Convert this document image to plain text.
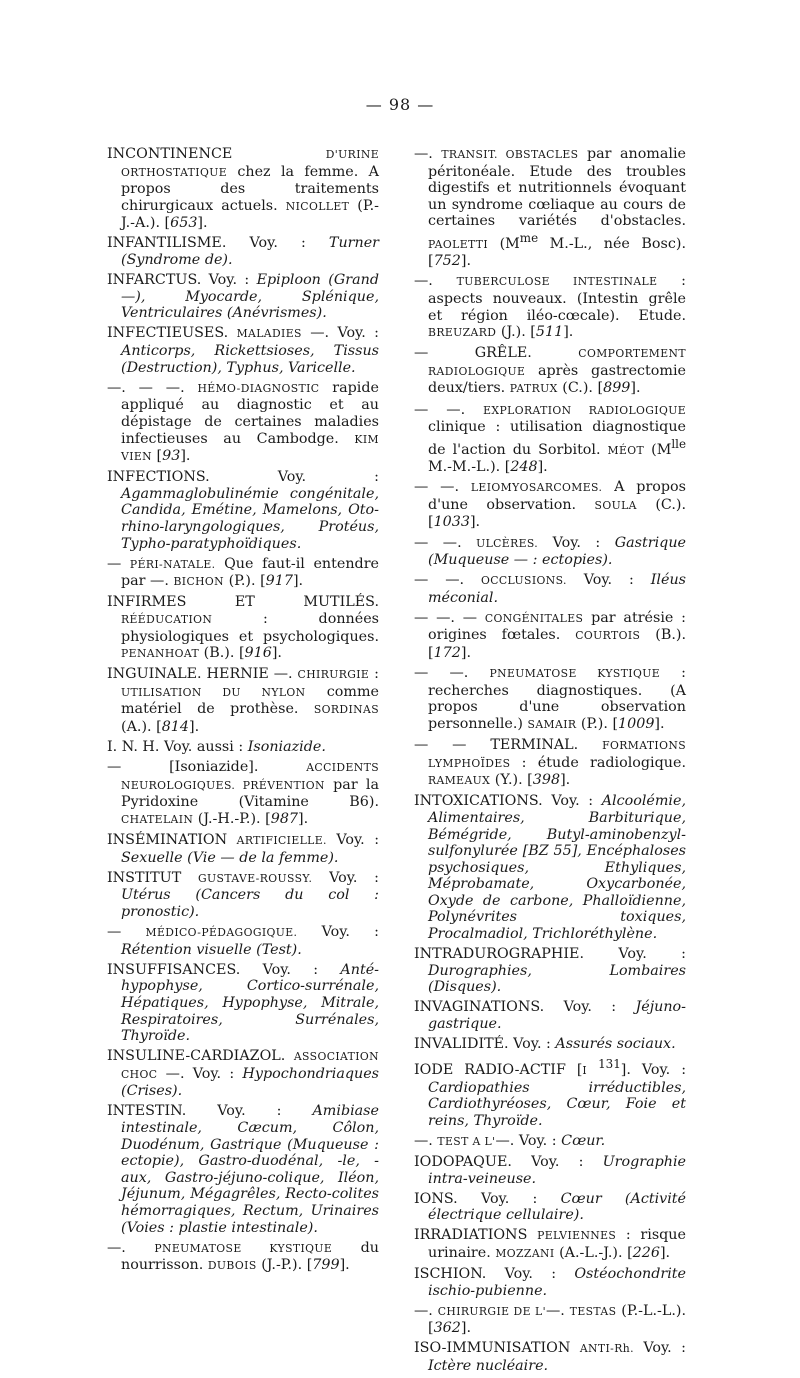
— 98 —

INCONTINENCE D'URINE ORTHOSTATIQUE chez la femme. A propos des traitements chirurgicaux actuels. NICOLLET (P.-J.-A.). [653].

INFANTILISME. Voy. : Turner (Syndrome de).

INFARCTUS. Voy. : Epiploon (Grand —), Myocarde, Splénique, Ventriculaires (Anévrismes).

INFECTIEUSES. MALADIES —. Voy. : Anticorps, Rickettsioses, Tissus (Destruction), Typhus, Varicelle.

—. — —. HÉMO-DIAGNOSTIC rapide appliqué au diagnostic et au dépistage de certaines maladies infectieuses au Cambodge. KIM VIEN [93].

INFECTIONS. Voy. : Agammaglobulinémie congénitale, Candida, Emétine, Mamelons, Oto-rhino-laryngologiques, Protéus, Typho-paratyphoïdiques.

— PÉRI-NATALE. Que faut-il entendre par —. BICHON (P.). [917].

INFIRMES ET MUTILÉS. RÉÉDUCATION : données physiologiques et psychologiques. PENANHOAT (B.). [916].

INGUINALE. HERNIE —. CHIRURGIE : UTILISATION DU NYLON comme matériel de prothèse. SORDINAS (A.). [814].

I. N. H. Voy. aussi : Isoniazide.

— [Isoniazide]. ACCIDENTS NEUROLOGIQUES. PRÉVENTION par la Pyridoxine (Vitamine B6). CHATELAIN (J.-H.-P.). [987].

INSÉMINATION ARTIFICIELLE. Voy. : Sexuelle (Vie — de la femme).

INSTITUT GUSTAVE-ROUSSY. Voy. : Utérus (Cancers du col : pronostic).

— MÉDICO-PÉDAGOGIQUE. Voy. : Rétention visuelle (Test).

INSUFFISANCES. Voy. : Anté-hypophyse, Cortico-surrénale, Hépatiques, Hypophyse, Mitrale, Respiratoires, Surrénales, Thyroïde.

INSULINE-CARDIAZOL. ASSOCIATION CHOC —. Voy. : Hypochondriaques (Crises).

INTESTIN. Voy. : Amibiase intestinale, Cæcum, Côlon, Duodénum, Gastrique (Muqueuse : ectopie), Gastro-duodénal, -le, -aux, Gastro-jéjuno-colique, Iléon, Jéjunum, Mégagrêles, Recto-colites hémorragiques, Rectum, Urinaires (Voies : plastie intestinale).

—. PNEUMATOSE KYSTIQUE du nourrisson. DUBOIS (J.-P.). [799].

—. TRANSIT. OBSTACLES par anomalie péritonéale. Etude des troubles digestifs et nutritionnels évoquant un syndrome cœliaque au cours de certaines variétés d'obstacles. PAOLETTI ($M^{me}$ M.-L., née Bosc). [752].

—. TUBERCULOSE INTESTINALE : aspects nouveaux. (Intestin grêle et région iléo-cœcale). Etude. BREUZARD (J.). [511].

— GRÊLE. COMPORTEMENT RADIOLOGIQUE après gastrectomie deux/tiers. PATRUX (C.). [899].

— —. EXPLORATION RADIOLOGIQUE clinique : utilisation diagnostique de l'action du Sorbitol. MÉOT ($M^{lle}$ M.-M.-L.). [248].

— —. LEIOMYOSARCOMES. A propos d'une observation. SOULA (C.). [1033].

— —. ULCÈRES. Voy. : Gastrique (Muqueuse — : ectopies).

— —. OCCLUSIONS. Voy. : Iléus méconial.

— —. — CONGÉNITALES par atrésie : origines fœtales. COURTOIS (B.). [172].

— —. PNEUMATOSE KYSTIQUE : recherches diagnostiques. (A propos d'une observation personnelle.) SAMAIR (P.). [1009].

— — TERMINAL. FORMATIONS LYMPHOÏDES : étude radiologique. RAMEAUX (Y.). [398].

INTOXICATIONS. Voy. : Alcoolémie, Alimentaires, Barbiturique, Bémégride, Butyl-aminobenzyl-sulfonylurée [BZ 55], Encéphaloses psychosiques, Ethyliques, Méprobamate, Oxycarbonée, Oxyde de carbone, Phalloïdienne, Polynévrites toxiques, Procalmadiol, Trichloréthylène.

INTRADUROGRAPHIE. Voy. : Durographies, Lombaires (Disques).

INVAGINATIONS. Voy. : Jéjuno-gastrique.

INVALIDITÉ. Voy. : Assurés sociaux.

IODE RADIO-ACTIF [I $^{131}$]. Voy. : Cardiopathies irréductibles, Cardiothyréoses, Cœur, Foie et reins, Thyroïde.

—. TEST A L'—. Voy. : Cœur.

IODOPAQUE. Voy. : Urographie intra-veineuse.

IONS. Voy. : Cœur (Activité électrique cellulaire).

IRRADIATIONS PELVIENNES : risque urinaire. MOZZANI (A.-L.-J.). [226].

ISCHION. Voy. : Ostéochondrite ischio-pubienne.

—. CHIRURGIE DE L'—. TESTAS (P.-L.-L.). [362].

ISO-IMMUNISATION ANTI-Rh. Voy. : Ictère nucléaire.
